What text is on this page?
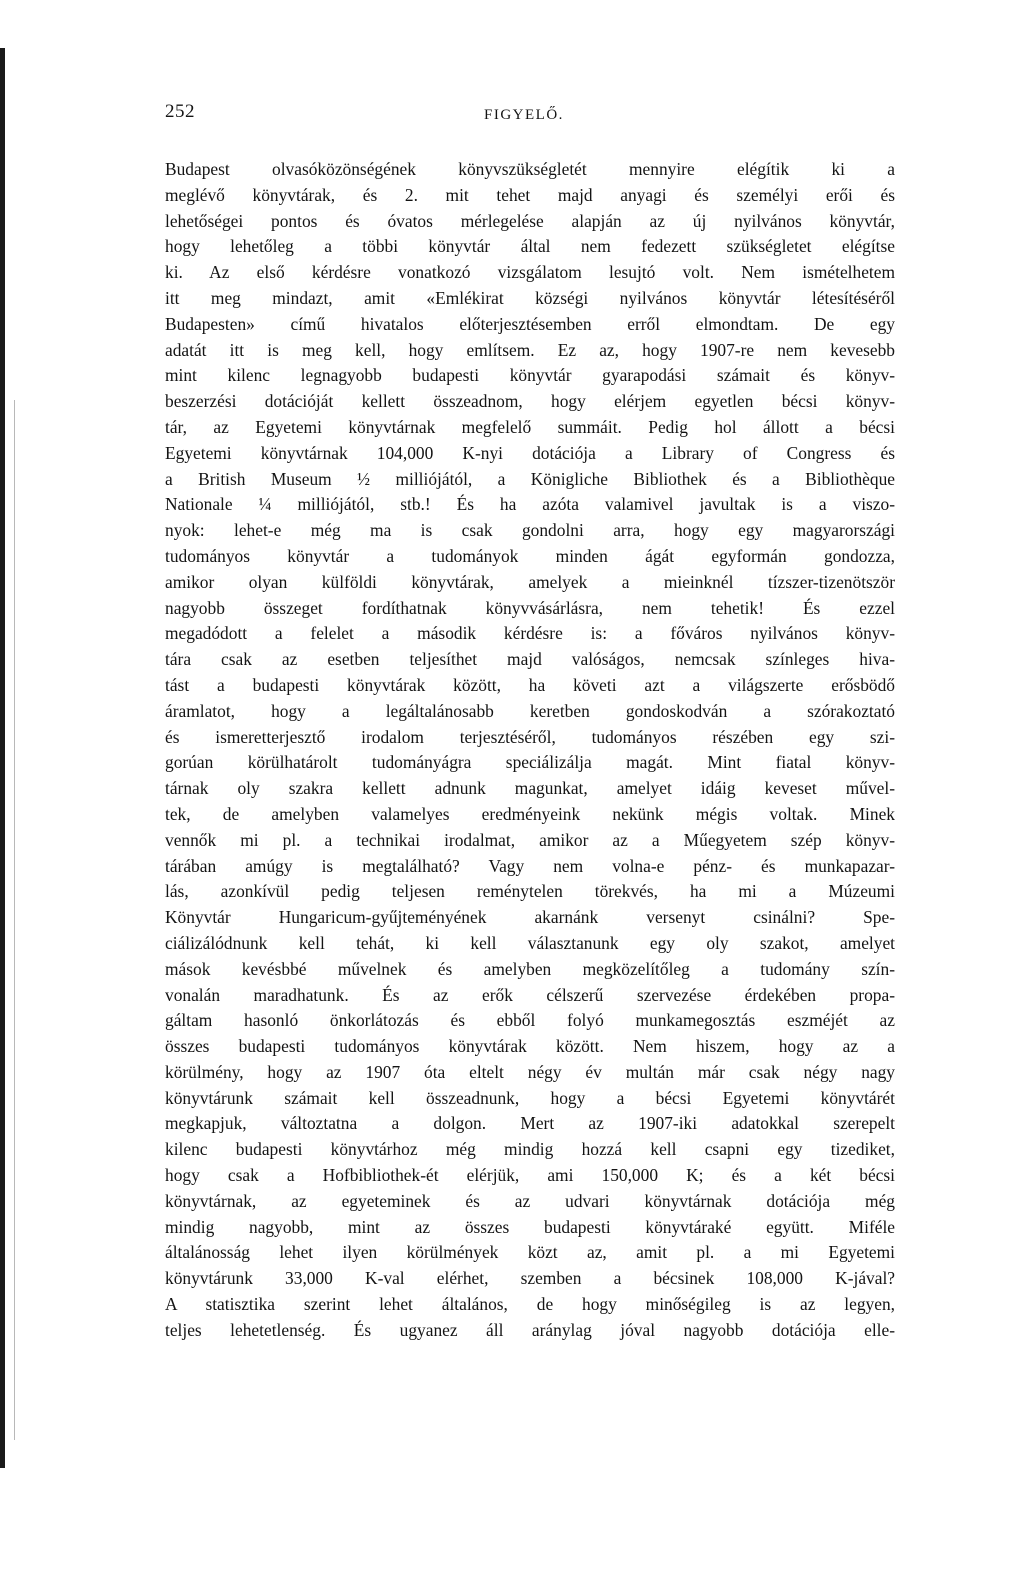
252	FIGYELŐ.
Budapest olvasóközönségének könyvszükségletét mennyire elégítik ki a
meglévő könyvtárak, és 2. mit tehet majd anyagi és személyi erői és
lehetőségei pontos és óvatos mérlegelése alapján az új nyilvános könyvtár,
hogy lehetőleg a többi könyvtár által nem fedezett szükségletet elégítse
ki. Az első kérdésre vonatkozó vizsgálatom lesujtó volt. Nem ismételhetem
itt meg mindazt, amit «Emlékirat községi nyilvános könyvtár létesítéséről
Budapesten» című hivatalos előterjesztésemben erről elmondtam. De egy
adatát itt is meg kell, hogy említsem. Ez az, hogy 1907-re nem kevesebb
mint kilenc legnagyobb budapesti könyvtár gyarapodási számait és könyv-
beszerzési dotációját kellett összeadnom, hogy elérjem egyetlen bécsi könyv-
tár, az Egyetemi könyvtárnak megfelelő summáit. Pedig hol állott a bécsi
Egyetemi könyvtárnak 104,000 K-nyi dotációja a Library of Congress és
a British Museum ½ milliójától, a Königliche Bibliothek és a Bibliothèque
Nationale ¼ milliójától, stb.! És ha azóta valamivel javultak is a viszo-
nyok: lehet-e még ma is csak gondolni arra, hogy egy magyarországi
tudományos könyvtár a tudományok minden ágát egyformán gondozza,
amikor olyan külföldi könyvtárak, amelyek a mieinknél tízszer-tizenötször
nagyobb összeget fordíthatnak könyvvásárlásra, nem tehetik! És ezzel
megadódott a felelet a második kérdésre is: a főváros nyilvános könyv-
tára csak az esetben teljesíthet majd valóságos, nemcsak színleges hiva-
tást a budapesti könyvtárak között, ha követi azt a világszerte erősbödő
áramlatot, hogy a legáltalánosabb keretben gondoskodván a szórakoztató
és ismeretterjesztő irodalom terjesztéséről, tudományos részében egy szi-
gorúan körülhatárolt tudományágra speciálizálja magát. Mint fiatal könyv-
tárnak oly szakra kellett adnunk magunkat, amelyet idáig keveset művel-
tek, de amelyben valamelyes eredményeink nekünk mégis voltak. Minek
vennők mi pl. a technikai irodalmat, amikor az a Műegyetem szép könyv-
tárában amúgy is megtalálható? Vagy nem volna-e pénz- és munkapazar-
lás, azonkívül pedig teljesen reménytelen törekvés, ha mi a Múzeumi
Könyvtár Hungaricum-gyűjteményének akarnánk versenyt csinálni? Spe-
ciálizálódnunk kell tehát, ki kell választanunk egy oly szakot, amelyet
mások kevésbbé művelnek és amelyben megközelítőleg a tudomány szín-
vonalán maradhatunk. És az erők célszerű szervezése érdekében propa-
gáltam hasonló önkorlátozás és ebből folyó munkamegosztás eszméjét az
összes budapesti tudományos könyvtárak között. Nem hiszem, hogy az a
körülmény, hogy az 1907 óta eltelt négy év multán már csak négy nagy
könyvtárunk számait kell összeadnunk, hogy a bécsi Egyetemi könyvtárét
megkapjuk, változtatna a dolgon. Mert az 1907-iki adatokkal szerepelt
kilenc budapesti könyvtárhoz még mindig hozzá kell csapni egy tizediket,
hogy csak a Hofbibliothek-ét elérjük, ami 150,000 K; és a két bécsi
könyvtárnak, az egyeteminek és az udvari könyvtárnak dotációja még
mindig nagyobb, mint az összes budapesti könyvtáraké együtt. Miféle
általánosság lehet ilyen körülmények közt az, amit pl. a mi Egyetemi
könyvtárunk 33,000 K-val elérhet, szemben a bécsinek 108,000 K-jával?
A statisztika szerint lehet általános, de hogy minőségileg is az legyen,
teljes lehetetlenség. És ugyanez áll aránylag jóval nagyobb dotációja elle-
